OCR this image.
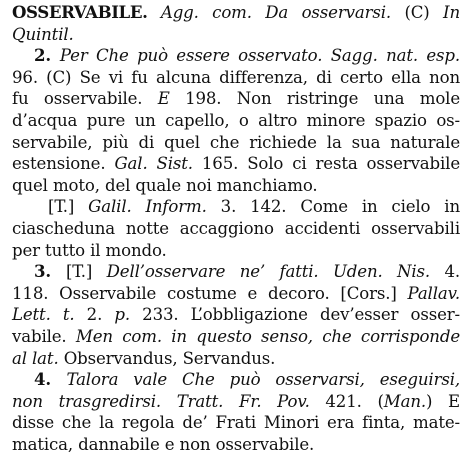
OSSERVABILE. Agg. com. Da osservarsi. (C) In
Quintil.
2. Per Che può essere osservato. Sagg. nat. esp.
96. (C) Se vi fu alcuna differenza, di certo ella non
fu osservabile. E 198. Non ristringe una mole
d’acqua pure un capello, o altro minore spazio os-
servabile, più di quel che richiede la sua naturale
estensione. Gal. Sist. 165. Solo ci resta osservabile
quel moto, del quale noi manchiamo.
[T.] Galil. Inform. 3. 142. Come in cielo in
ciascheduna notte accaggiono accidenti osservabili
per tutto il mondo.
3. [T.] Dell’osservare ne’ fatti. Uden. Nis. 4.
118. Osservabile costume e decoro. [Cors.] Pallav.
Lett. t. 2. p. 233. L’obbligazione dev’esser osser-
vabile. Men com. in questo senso, che corrisponde
al lat. Observandus, Servandus.
4. Talora vale Che può osservarsi, eseguirsi,
non trasgredirsi. Tratt. Fr. Pov. 421. (Man.) E
disse che la regola de’ Frati Minori era finta, mate-
matica, dannabile e non osservabile.
